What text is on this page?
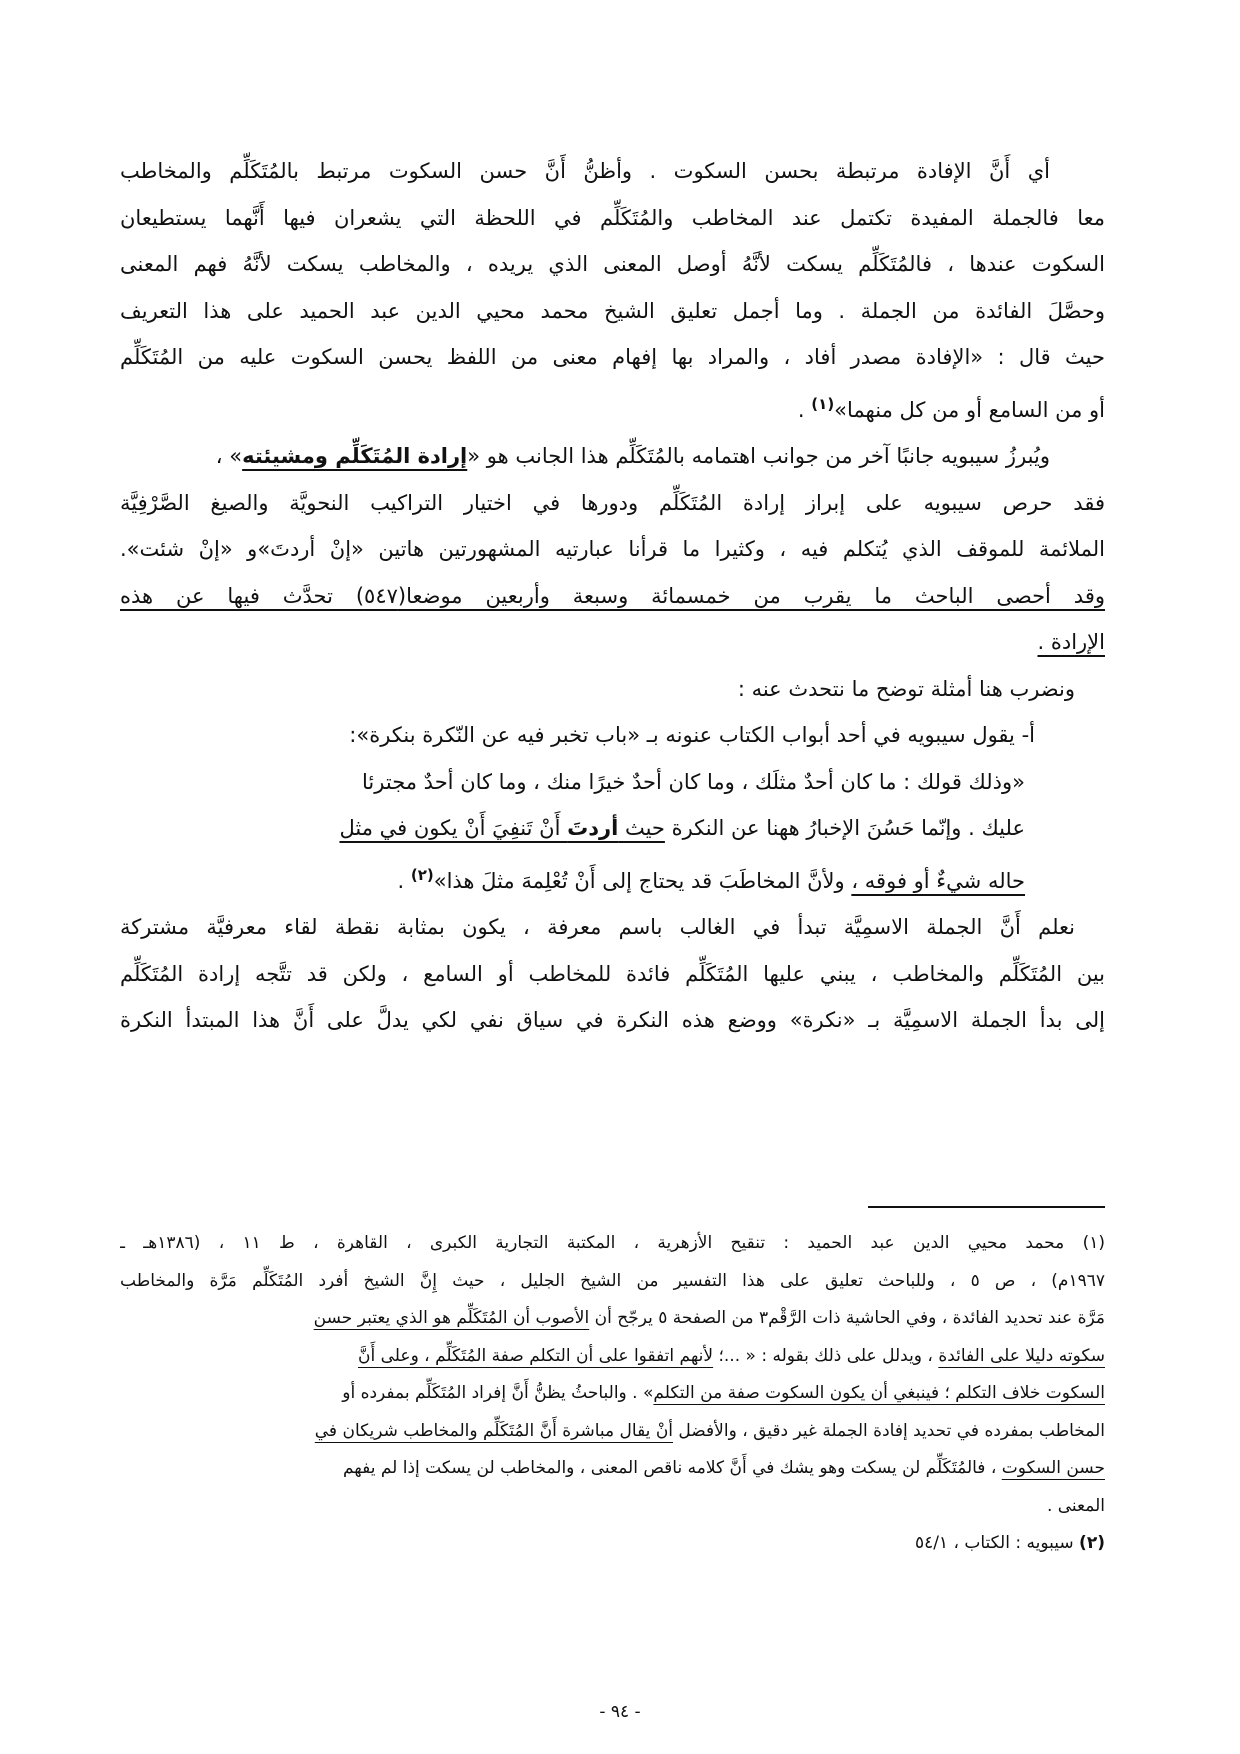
أي أَنَّ الإفادة مرتبطة بحسن السكوت . وأظنُّ أَنَّ حسن السكوت مرتبط بالمُتَكَلِّم والمخاطب
معا فالجملة المفيدة تكتمل عند المخاطب والمُتَكَلِّم في اللحظة التي يشعران فيها أَنَّهما يستطيعان
السكوت عندها ، فالمُتَكَلِّم يسكت لأنَّهُ أوصل المعنى الذي يريده ، والمخاطب يسكت لأنَّهُ فهم المعنى
وحصَّلَ الفائدة من الجملة . وما أجمل تعليق الشيخ محمد محيي الدين عبد الحميد على هذا التعريف
حيث قال : «الإفادة مصدر أفاد ، والمراد بها إفهام معنى من اللفظ يحسن السكوت عليه من المُتَكَلِّم
أو من السامع أو من كل منهما»$^{(١)}$ .
ويُبرزُ سيبويه جانبًا آخر من جوانب اهتمامه بالمُتَكَلِّم هذا الجانب هو «إرادة المُتَكَلِّم ومشيئته» ،
فقد حرص سيبويه على إبراز إرادة المُتَكَلِّم ودورها في اختيار التراكيب النحويَّة والصيغ الصَّرْفِيَّة
الملائمة للموقف الذي يُتكلم فيه ، وكثيرا ما قرأنا عبارتيه المشهورتين هاتين «إنْ أردتَ»و «إنْ شئت».
وقد أحصى الباحث ما يقرب من خمسمائة وسبعة وأربعين موضعا(٥٤٧) تحدَّث فيها عن هذه
الإرادة .
ونضرب هنا أمثلة توضح ما نتحدث عنه :
أ- يقول سيبويه في أحد أبواب الكتاب عنونه بـ «باب تخبر فيه عن النّكرة بنكرة»:
«وذلك قولك : ما كان أحدٌ مثلَك ، وما كان أحدٌ خيرًا منك ، وما كان أحدٌ مجترئا
عليك . وإنّما حَسُنَ الإخبارُ ههنا عن النكرة حيث أردتَ أَنْ تَنفِيَ أَنْ يكون في مثل
حاله شيءٌ أو فوقه ، ولأنَّ المخاطَبَ قد يحتاج إلى أَنْ تُعْلِمهَ مثلَ هذا»$^{(٢)}$ .
نعلم أَنَّ الجملة الاسمِيَّة تبدأ في الغالب باسم معرفة ، يكون بمثابة نقطة لقاء معرفيَّة مشتركة
بين المُتَكَلِّم والمخاطب ، يبني عليها المُتَكَلِّم فائدة للمخاطب أو السامع ، ولكن قد تتَّجه إرادة المُتَكَلِّم
إلى بدأ الجملة الاسمِيَّة بـ «نكرة» ووضع هذه النكرة في سياق نفي لكي يدلَّ على أَنَّ هذا المبتدأ النكرة
(١) محمد محيي الدين عبد الحميد : تنقيح الأزهرية ، المكتبة التجارية الكبرى ، القاهرة ، ط ١١ ، (١٣٨٦هـ ـ
١٩٦٧م) ، ص ٥ ، وللباحث تعليق على هذا التفسير من الشيخ الجليل ، حيث إِنَّ الشيخ أفرد المُتَكَلِّم مَرَّة والمخاطب
مَرَّة عند تحديد الفائدة ، وفي الحاشية ذات الرَّقْم٣ من الصفحة ٥ يرجّح أن الأصوب أن المُتَكَلِّم هو الذي يعتبر حسن
سكوته دليلا على الفائدة ، ويدلل على ذلك بقوله : « ...؛ لأنهم اتفقوا على أن التكلم صفة المُتَكَلِّم ، وعلى أَنَّ
السكوت خلاف التكلم ؛ فينبغي أن يكون السكوت صفة من التكلم» . والباحثُ يظنُّ أَنَّ إفراد المُتَكَلِّم بمفرده أو
المخاطب بمفرده في تحديد إفادة الجملة غير دقيق ، والأفضل أنْ يقال مباشرة أَنَّ المُتَكَلِّم والمخاطب شريكان في
حسن السكوت ، فالمُتَكَلِّم لن يسكت وهو يشك في أَنَّ كلامه ناقص المعنى ، والمخاطب لن يسكت إذا لم يفهم
المعنى .
(٢) سيبويه : الكتاب ، ٥٤/١
- ٩٤ -
